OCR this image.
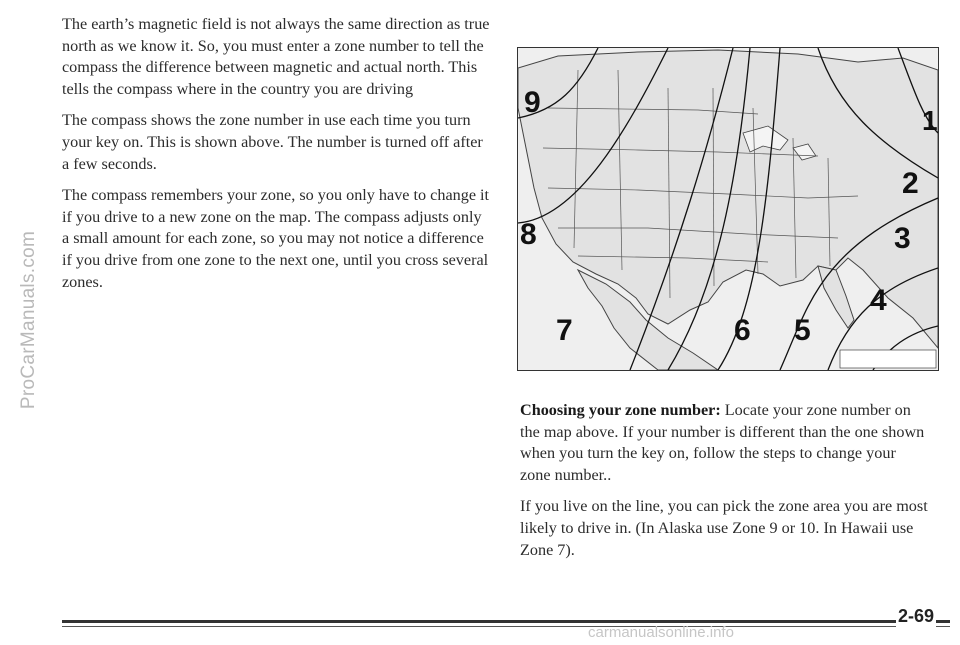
ProCarManuals.com

The earth’s magnetic field is not always the same direction as true north as we know it. So, you must enter a zone number to tell the compass the difference between magnetic and actual north. This tells the compass where in the country you are driving

The compass shows the zone number in use each time you turn your key on. This is shown above. The number is turned off after a few seconds.

The compass remembers your zone, so you only have to change it if you drive to a new zone on the map. The compass adjusts only a small amount for each zone, so you may not notice a difference if you drive from one zone to the next one, until you cross several zones.

9
1
2
8	3
4
7	6 5

Choosing your zone number: Locate your zone number on the map above. If your number is different than the one shown when you turn the key on, follow the steps to change your zone number..

If you live on the line, you can pick the zone area you are most likely to drive in. (In Alaska use Zone 9 or 10. In Hawaii use Zone 7).

2-69
carmanualsonline.info
